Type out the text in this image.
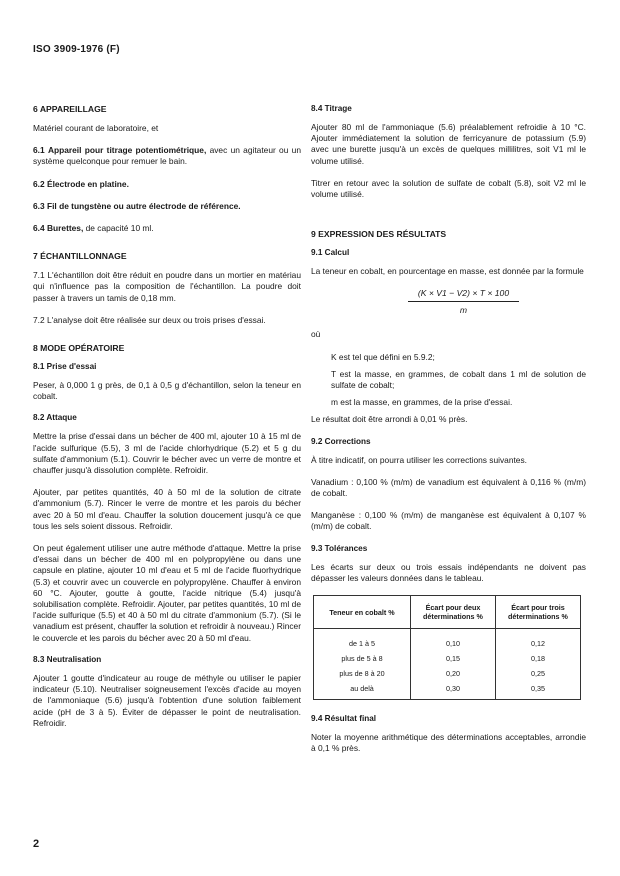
ISO 3909-1976 (F)
6 APPAREILLAGE
Matériel courant de laboratoire, et
6.1 Appareil pour titrage potentiométrique, avec un agitateur ou un système quelconque pour remuer le bain.
6.2 Électrode en platine.
6.3 Fil de tungstène ou autre électrode de référence.
6.4 Burettes, de capacité 10 ml.
7 ÉCHANTILLONNAGE
7.1 L'échantillon doit être réduit en poudre dans un mortier en matériau qui n'influence pas la composition de l'échantillon. La poudre doit passer à travers un tamis de 0,18 mm.
7.2 L'analyse doit être réalisée sur deux ou trois prises d'essai.
8 MODE OPÉRATOIRE
8.1 Prise d'essai
Peser, à 0,000 1 g près, de 0,1 à 0,5 g d'échantillon, selon la teneur en cobalt.
8.2 Attaque
Mettre la prise d'essai dans un bécher de 400 ml, ajouter 10 à 15 ml de l'acide sulfurique (5.5), 3 ml de l'acide chlorhydrique (5.2) et 5 g du sulfate d'ammonium (5.1). Couvrir le bécher avec un verre de montre et chauffer jusqu'à dissolution complète. Refroidir.
Ajouter, par petites quantités, 40 à 50 ml de la solution de citrate d'ammonium (5.7). Rincer le verre de montre et les parois du bécher avec 20 à 50 ml d'eau. Chauffer la solution doucement jusqu'à ce que tous les sels soient dissous. Refroidir.
On peut également utiliser une autre méthode d'attaque. Mettre la prise d'essai dans un bécher de 400 ml en polypropylène ou dans une capsule en platine, ajouter 10 ml d'eau et 5 ml de l'acide fluorhydrique (5.3) et couvrir avec un couvercle en polypropylène. Chauffer à environ 60 °C. Ajouter, goutte à goutte, l'acide nitrique (5.4) jusqu'à solubilisation complète. Refroidir. Ajouter, par petites quantités, 10 ml de l'acide sulfurique (5.5) et 40 à 50 ml du citrate d'ammonium (5.7). (Si le vanadium est présent, chauffer la solution et refroidir à nouveau.) Rincer le couvercle et les parois du bécher avec 20 à 50 ml d'eau.
8.3 Neutralisation
Ajouter 1 goutte d'indicateur au rouge de méthyle ou utiliser le papier indicateur (5.10). Neutraliser soigneusement l'excès d'acide au moyen de l'ammoniaque (5.6) jusqu'à l'obtention d'une solution faiblement acide (pH de 3 à 5). Éviter de dépasser le point de neutralisation. Refroidir.
8.4 Titrage
Ajouter 80 ml de l'ammoniaque (5.6) préalablement refroidie à 10 °C. Ajouter immédiatement la solution de ferricyanure de potassium (5.9) avec une burette jusqu'à un excès de quelques millilitres, soit V1 ml le volume utilisé.
Titrer en retour avec la solution de sulfate de cobalt (5.8), soit V2 ml le volume utilisé.
9 EXPRESSION DES RÉSULTATS
9.1 Calcul
La teneur en cobalt, en pourcentage en masse, est donnée par la formule
(K × V1 − V2) × T × 100
m
où
K est tel que défini en 5.9.2;
T est la masse, en grammes, de cobalt dans 1 ml de solution de sulfate de cobalt;
m est la masse, en grammes, de la prise d'essai.
Le résultat doit être arrondi à 0,01 % près.
9.2 Corrections
À titre indicatif, on pourra utiliser les corrections suivantes.
Vanadium : 0,100 % (m/m) de vanadium est équivalent à 0,116 % (m/m) de cobalt.
Manganèse : 0,100 % (m/m) de manganèse est équivalent à 0,107 % (m/m) de cobalt.
9.3 Tolérances
Les écarts sur deux ou trois essais indépendants ne doivent pas dépasser les valeurs données dans le tableau.
Teneur en cobalt %	Écart pour deux déterminations %	Écart pour trois déterminations %
de 1 à 5	0,10	0,12
plus de 5 à 8	0,15	0,18
plus de 8 à 20	0,20	0,25
au delà	0,30	0,35
9.4 Résultat final
Noter la moyenne arithmétique des déterminations acceptables, arrondie à 0,1 % près.
2
